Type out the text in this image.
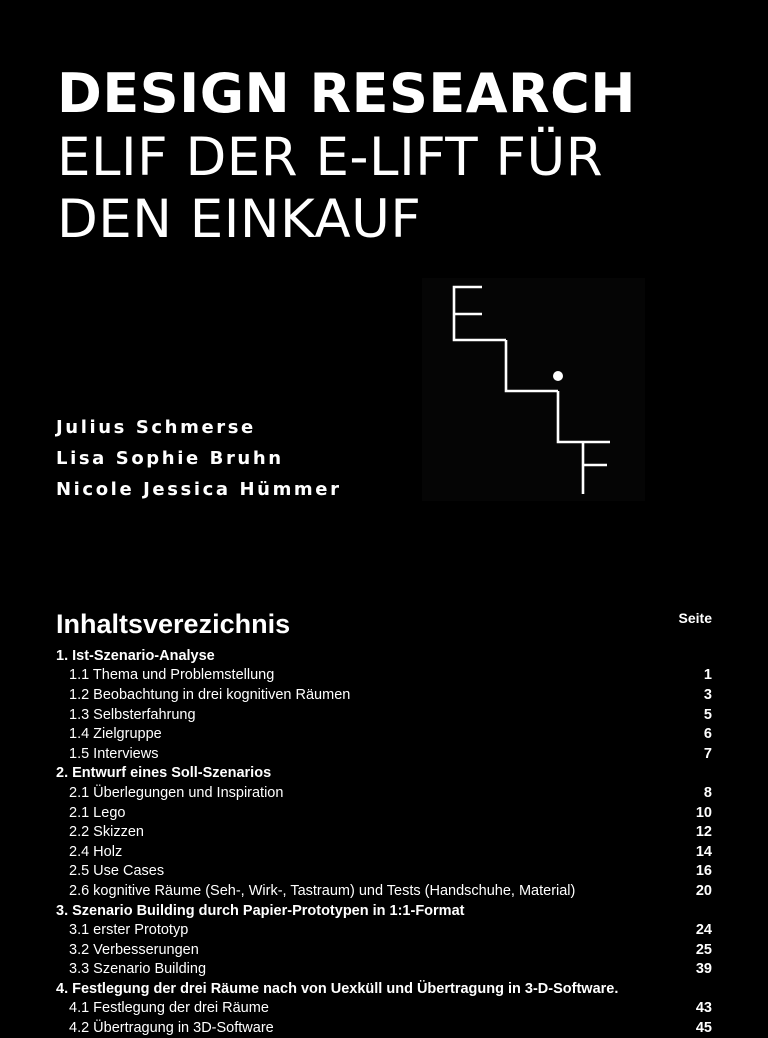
DESIGN RESEARCH
ELIF DER E-LIFT FÜR
DEN EINKAUF
Julius Schmerse
Lisa Sophie Bruhn
Nicole Jessica Hümmer
Inhaltsverezichnis	Seite
1. Ist-Szenario-Analyse
1.1 Thema und Problemstellung	1
1.2 Beobachtung in drei kognitiven Räumen	3
1.3 Selbsterfahrung	5
1.4 Zielgruppe	6
1.5 Interviews	7
2. Entwurf eines Soll-Szenarios
2.1 Überlegungen und Inspiration	8
2.1 Lego	10
2.2 Skizzen	12
2.4 Holz	14
2.5 Use Cases	16
2.6 kognitive Räume (Seh-, Wirk-, Tastraum) und Tests (Handschuhe, Material)	20
3. Szenario Building durch Papier-Prototypen in 1:1-Format
3.1 erster Prototyp	24
3.2 Verbesserungen	25
3.3 Szenario Building	39
4. Festlegung der drei Räume nach von Uexküll und Übertragung in 3-D-Software.
4.1 Festlegung der drei Räume	43
4.2 Übertragung in 3D-Software	45
